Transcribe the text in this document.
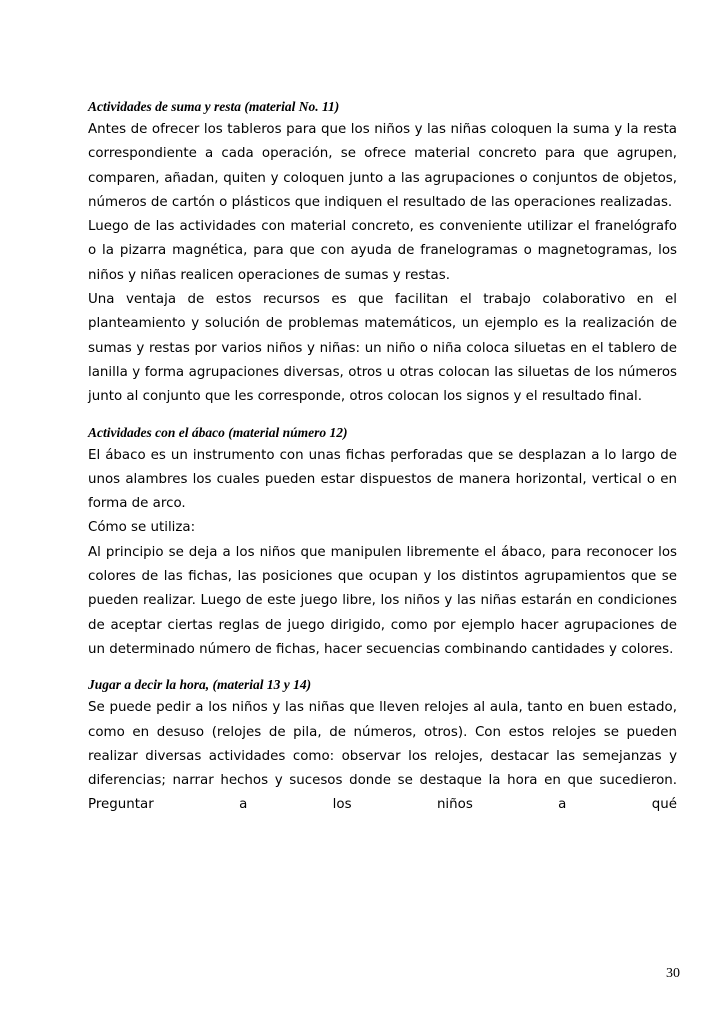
Actividades de suma y resta (material No. 11)

Antes de ofrecer los tableros para que los niños y las niñas coloquen la suma y la resta correspondiente a cada operación, se ofrece material concreto para que agrupen, comparen, añadan, quiten y coloquen junto a las agrupaciones o conjuntos de objetos, números de cartón o plásticos que indiquen el resultado de las operaciones realizadas.

Luego de las actividades con material concreto, es conveniente utilizar el franelógrafo o la pizarra magnética, para que con ayuda de franelogramas o magnetogramas, los niños y niñas realicen operaciones de sumas y restas.

Una ventaja de estos recursos es que facilitan el trabajo colaborativo en el planteamiento y solución de problemas matemáticos, un ejemplo es la realización de sumas y restas por varios niños y niñas: un niño o niña coloca siluetas en el tablero de lanilla y forma agrupaciones diversas, otros u otras colocan las siluetas de los números junto al conjunto que les corresponde, otros colocan los signos y el resultado final.

Actividades con el ábaco (material número 12)

El ábaco es un instrumento con unas fichas perforadas que se desplazan a lo largo de unos alambres los cuales pueden estar dispuestos de manera horizontal, vertical o en forma de arco.

Cómo se utiliza:

Al principio se deja a los niños que manipulen libremente el ábaco, para reconocer los colores de las fichas, las posiciones que ocupan y los distintos agrupamientos que se pueden realizar. Luego de este juego libre, los niños y las niñas estarán en condiciones de aceptar ciertas reglas de juego dirigido, como por ejemplo hacer agrupaciones de un determinado número de fichas, hacer secuencias combinando cantidades y colores.

Jugar a decir la hora, (material 13 y 14)

Se puede pedir a los niños y las niñas que lleven relojes al aula, tanto en buen estado, como en desuso (relojes de pila, de números, otros). Con estos relojes se pueden realizar diversas actividades como: observar los relojes, destacar las semejanzas y diferencias; narrar hechos y sucesos donde se destaque la hora en que sucedieron. Preguntar a los niños a qué

30
